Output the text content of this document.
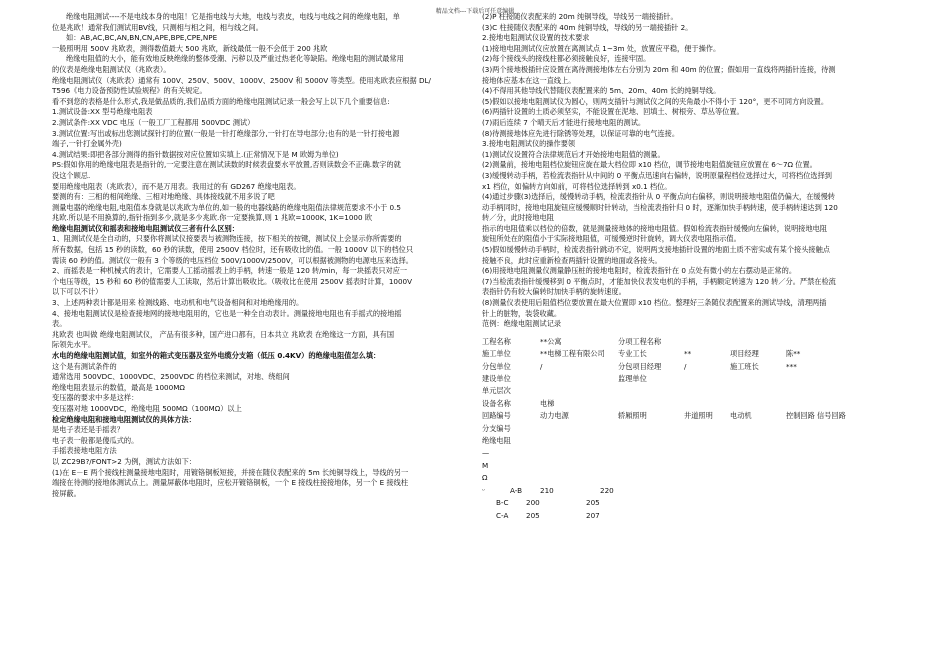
精品文档---下载后可任意编辑

绝缘电阻测试----不是电线本身的电阻！它是指电线与大地，电线与表皮，电线与电线之间的绝缘电阻，单

位是兆欧！通常我们测试用BV线，只测相与相之间，相与线之间。

如：AB,AC,BC,AN,BN,CN,APE,BPE,CPE,NPE

一般照明用 500V 兆欧表，测得数值最大 500 兆欧，新线最低一般不会低于 200 兆欧

绝缘电阻值的大小，能有效地反映绝缘的整体受潮、污秽以及严重过热老化等缺陷。绝缘电阻的测试最常用

的仪表是绝缘电阻测试仪（兆欧表）。

绝缘电阻测试仪（兆欧表）通常有 100V、250V、500V、1000V、2500V 和 5000V 等类型。使用兆欧表应根据 DL/

T596《电力设备预防性试验规程》的有关规定。

看不到您的表格是什么形式,我是做品质的,我们品质方面的绝缘电阻测试记录一般会写上以下几个重要信息:

1.测试设备:XX 型号绝缘电阻表

2.测试条件:XX VDC 电压（一般工厂工程都用 500VDC 测试）

3.测试位置:写出或标出您测试探针打的位置(一般是一针打绝缘部分,一针打在导电部分;也有的是一针打接电源

端子,一针打金属外壳)

4.测试结果:即把各部分测得的指针数据按对应位置如实填上.(正常情况下是 M 欧姆为单位)

PS:假如你用的绝缘电阻表是指针的,一定要注意在测试读数的时候表盘要水平放置,否则读数会不正确.数字的就

没这个顾忌.

要用绝缘电阻表（兆欧表），而不是万用表。我用过的有 GD267 绝缘电阻表。

要测的有：三相的相间绝缘、三相对地绝缘、具体接线就不用多说了吧

测量电器的绝缘电阻,电阻值本身就是以兆欧为单位的,如一般的电器线路的绝缘电阻值法律规范要求不小于 0.5

兆欧.所以是不用换算的,指针指到多少,就是多少兆欧.你一定要换算,则 1 兆欧=1000K, 1K=1000 欧

绝缘电阻测试仪和摇表和接地电阻测试仪三者有什么区别：

1、阻测试仪是全自动的，只要你将测试仪接要表与被测物连接，按下相关的按键，测试仪上会显示你所需要的

所有数据，包括 15 秒的读数，60 秒的读数，使用 2500V 档位时，还有吸收比的值。一般 1000V 以下的档位只

需读 60 秒的值。测试仪一般有 3 个等级的电压档位 500V/1000V/2500V，可以根据被测物的电源电压来选择。

2、而摇表是一种机械式的表计，它需要人工摇动摇表上的手柄，转速一般是 120 转/min，每一块摇表只对应一

个电压等级，15 秒和 60 秒的值需要人工读取，然后计算出吸收比。（吸收比在使用 2500V 摇表时计算，1000V

以下可以不计）

3、上述两种表计都是用来 检测线路、电动机和电气设备相间和对地绝缘用的。

4、接地电阻测试仪是检查接地网的接地电阻用的，它也是一种全自动表计。测量接地电阻也有手摇式的接地摇

表。

兆欧表 也叫做 绝缘电阻测试仪， 产品有很多种，国产进口都有，日本共立 兆欧表 在绝缘这一方面，具有国

际领先水平。

水电的绝缘电阻测试值，如室外的箱式变压器及室外电缆分支箱（低压 0.4KV）的绝缘电阻值怎么填：

这个是有测试条件的

通常选用 500VDC、1000VDC、2500VDC 的档位来测试，对地、绕组间

绝缘电阻表显示的数值，最高是 1000MΩ

变压器的要求中多是这样：

变压器对地 1000VDC，绝缘电阻 500MΩ（100MΩ）以上

检定绝缘电阻和接地电阻测试仪的具体方法：

是电子表还是手摇表？

电子表一般都是傻瓜式的。

手摇表接地电阻方法

以 ZC29B?/FONT>2 为例，测试方法如下：

(1)在 E－E 两个接线柱测量接地电阻时，用镀铬铜板短接，并接在随仪表配来的 5m 长纯铜导线上，导线的另一

端接在待测的接地体测试点上。测量屏蔽体电阻时，应松开镀铬铜板，一个 E 接线柱接接地体，另一个 E 接线柱

接屏蔽。

(2)P 柱接随仪表配来的 20m 纯铜导线，导线另一端接插针。

(3)C 柱接随仪表配来的 40m 纯铜导线，导线的另一端接插针 2。

2.接地电阻测试仪设置的技术要求

(1)接地电阻测试仪应放置在离测试点 1~3m 处，放置应平稳，便于操作。

(2)每个接线头的接线柱都必须接触良好，连接牢固。

(3)两个接地极插针应设置在离待测接地体左右分别为 20m 和 40m 的位置；假如用一直线将两插针连接，待测

接地体应基本在这一直线上。

(4)不得用其他导线代替随仪表配置来的 5m、20m、40m 长的纯铜导线。

(5)假如以接地电阻测试仪为圆心，则两支插针与测试仪之间的夹角最小不得小于 120°，更不可同方向设置。

(6)两插针设置的土质必须坚实，不能设置在泥地、回填土、树根旁、草丛等位置。

(7)雨后连续 7 个晴天后才能进行接地电阻的测试。

(8)待测接地体应先进行除锈等处理，以保证可靠的电气连接。

3.接地电阻测试仪的操作要领

(1)测试仪设置符合法律规范后才开始接地电阻值的测量。

(2)测量前，接地电阻档位旋钮应旋在最大档位即 x10 档位，调节接地电阻值旋钮应放置在 6～7Ω 位置。

(3)缓慢转动手柄，若检流表指针从中间的 0 平衡点迅速向右偏转，说明原量程档位选择过大，可将档位选择到

x1 档位，如偏转方向如前，可将档位选择转到 x0.1 档位。

(4)通过步骤(3)选择后，缓慢转动手柄，检流表指针从 0 平衡点向右偏移，则说明接地电阻值仍偏大，在缓慢转

动手柄同时，接地电阻旋钮应缓慢顺时针转动，当检流表指针归 0 时，逐渐加快手柄转速，使手柄转速达到 120

转／分，此时接地电阻

指示的电阻值乘以档位的倍数，就是测量接地体的接地电阻值。假如检流表指针缓慢向左偏转，说明接地电阻

旋钮所处在的阻值小于实际接地阻值，可缓慢逆时针旋转，调大仪表电阻指示值。

(5)假如缓慢转动手柄时，检流表指针跳动不定，说明两支接地插针设置的地面土质不密实或有某个接头接触点

接触不良，此时应重新检查两插针设置的地面或各接头。

(6)用接地电阻测量仪测量静压桩的接地电阻时，检流表指针在 0 点处有微小的左右摆动是正常的。

(7)当检流表指针缓慢移到 0 平衡点时，才能加快仪表发电机的手柄，手柄额定转速为 120 转／分。严禁在检流

表指针仍有较大偏转时加快手柄的旋转速度。

(8)测量仪表使用后阻值档位要放置在最大位置即 x10 档位。整理好三条随仪表配置来的测试导线，清理两插

针上的脏物，装袋收藏。

范例：绝缘电阻测试记录

工程名称	**公寓	分项工程名称
施工单位	**电梯工程有限公司	专业工长	**	项目经理	陈**
分包单位	/	分包项目经理	/	施工班长	***
建设单位	监理单位
单元层次
设备名称	电梯
回路编号	动力电源	轿厢照明	井道照明	电动机	控制回路 信号回路
分支编号
绝缘电阻
—
M
Ω
ᵕ	A-B	210	220
B-C	200	205
C-A	205	207
